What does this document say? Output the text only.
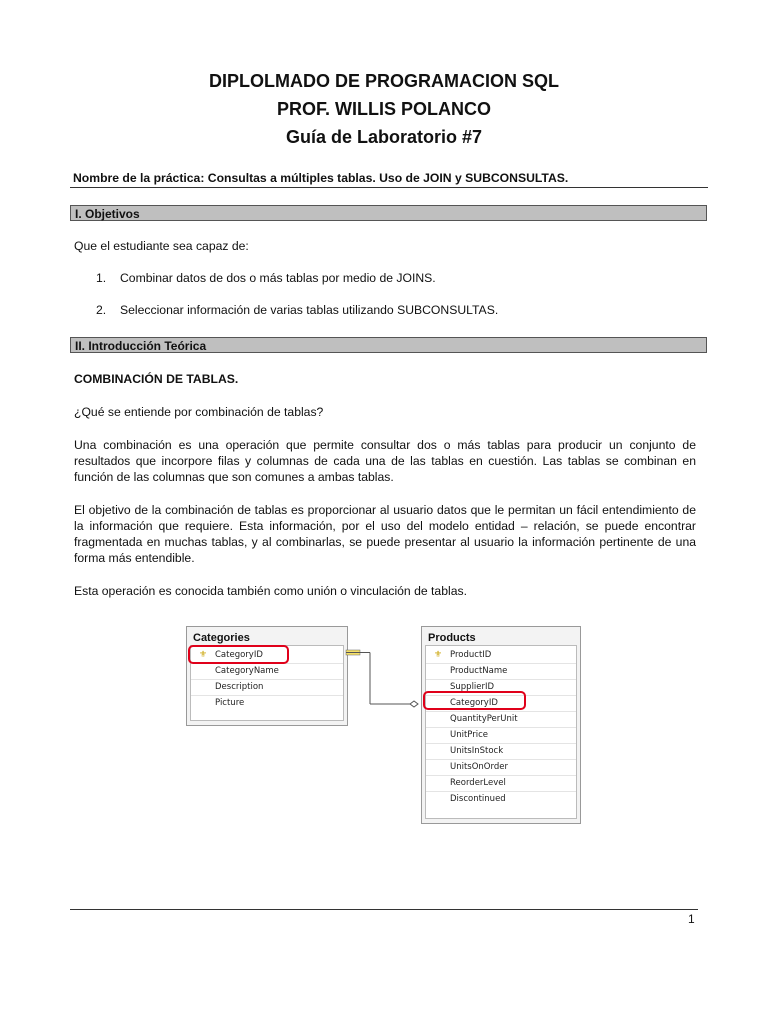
DIPLOLMADO DE PROGRAMACION SQL
PROF. WILLIS POLANCO
Guía de Laboratorio #7
Nombre de la práctica: Consultas a múltiples tablas. Uso de JOIN y SUBCONSULTAS.
I. Objetivos
Que el estudiante sea capaz de:
1. Combinar datos de dos o más tablas por medio de JOINS.
2. Seleccionar información de varias tablas utilizando SUBCONSULTAS.
II. Introducción Teórica
COMBINACIÓN DE TABLAS.
¿Qué se entiende por combinación de tablas?
Una combinación es una operación que permite consultar dos o más tablas para producir un conjunto de resultados que incorpore filas y columnas de cada una de las tablas en cuestión. Las tablas se combinan en función de las columnas que son comunes a ambas tablas.
El objetivo de la combinación de tablas es proporcionar al usuario datos que le permitan un fácil entendimiento de la información que requiere. Esta información, por el uso del modelo entidad – relación, se puede encontrar fragmentada en muchas tablas, y al combinarlas, se puede presentar al usuario la información pertinente de una forma más entendible.
Esta operación es conocida también como unión o vinculación de tablas.
Categories
⚜ CategoryID
CategoryName
Description
Picture
Products
⚜ ProductID
ProductName
SupplierID
CategoryID
QuantityPerUnit
UnitPrice
UnitsInStock
UnitsOnOrder
ReorderLevel
Discontinued
1
